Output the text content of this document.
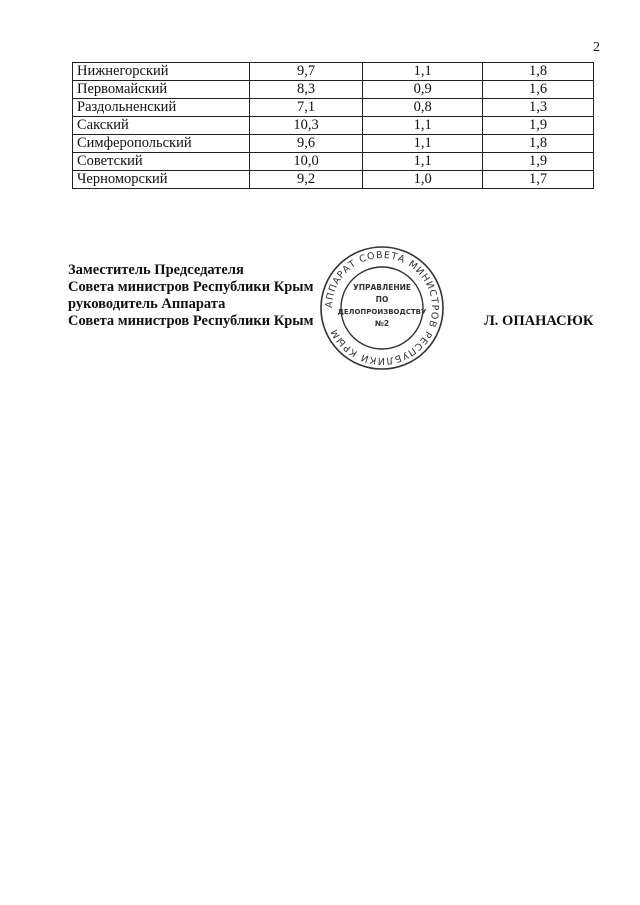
2
Нижнегорский	9,7	1,1	1,8
Первомайский	8,3	0,9	1,6
Раздольненский	7,1	0,8	1,3
Сакский	10,3	1,1	1,9
Симферопольский	9,6	1,1	1,8
Советский	10,0	1,1	1,9
Черноморский	9,2	1,0	1,7
Заместитель Председателя
Совета министров Республики Крым
руководитель Аппарата
Совета министров Республики Крым	Л. ОПАНАСЮК
АППАРАТ СОВЕТА МИНИСТРОВ РЕСПУБЛИКИ КРЫМ
УПРАВЛЕНИЕ
ПО
ДЕЛОПРОИЗВОДСТВУ
№2
